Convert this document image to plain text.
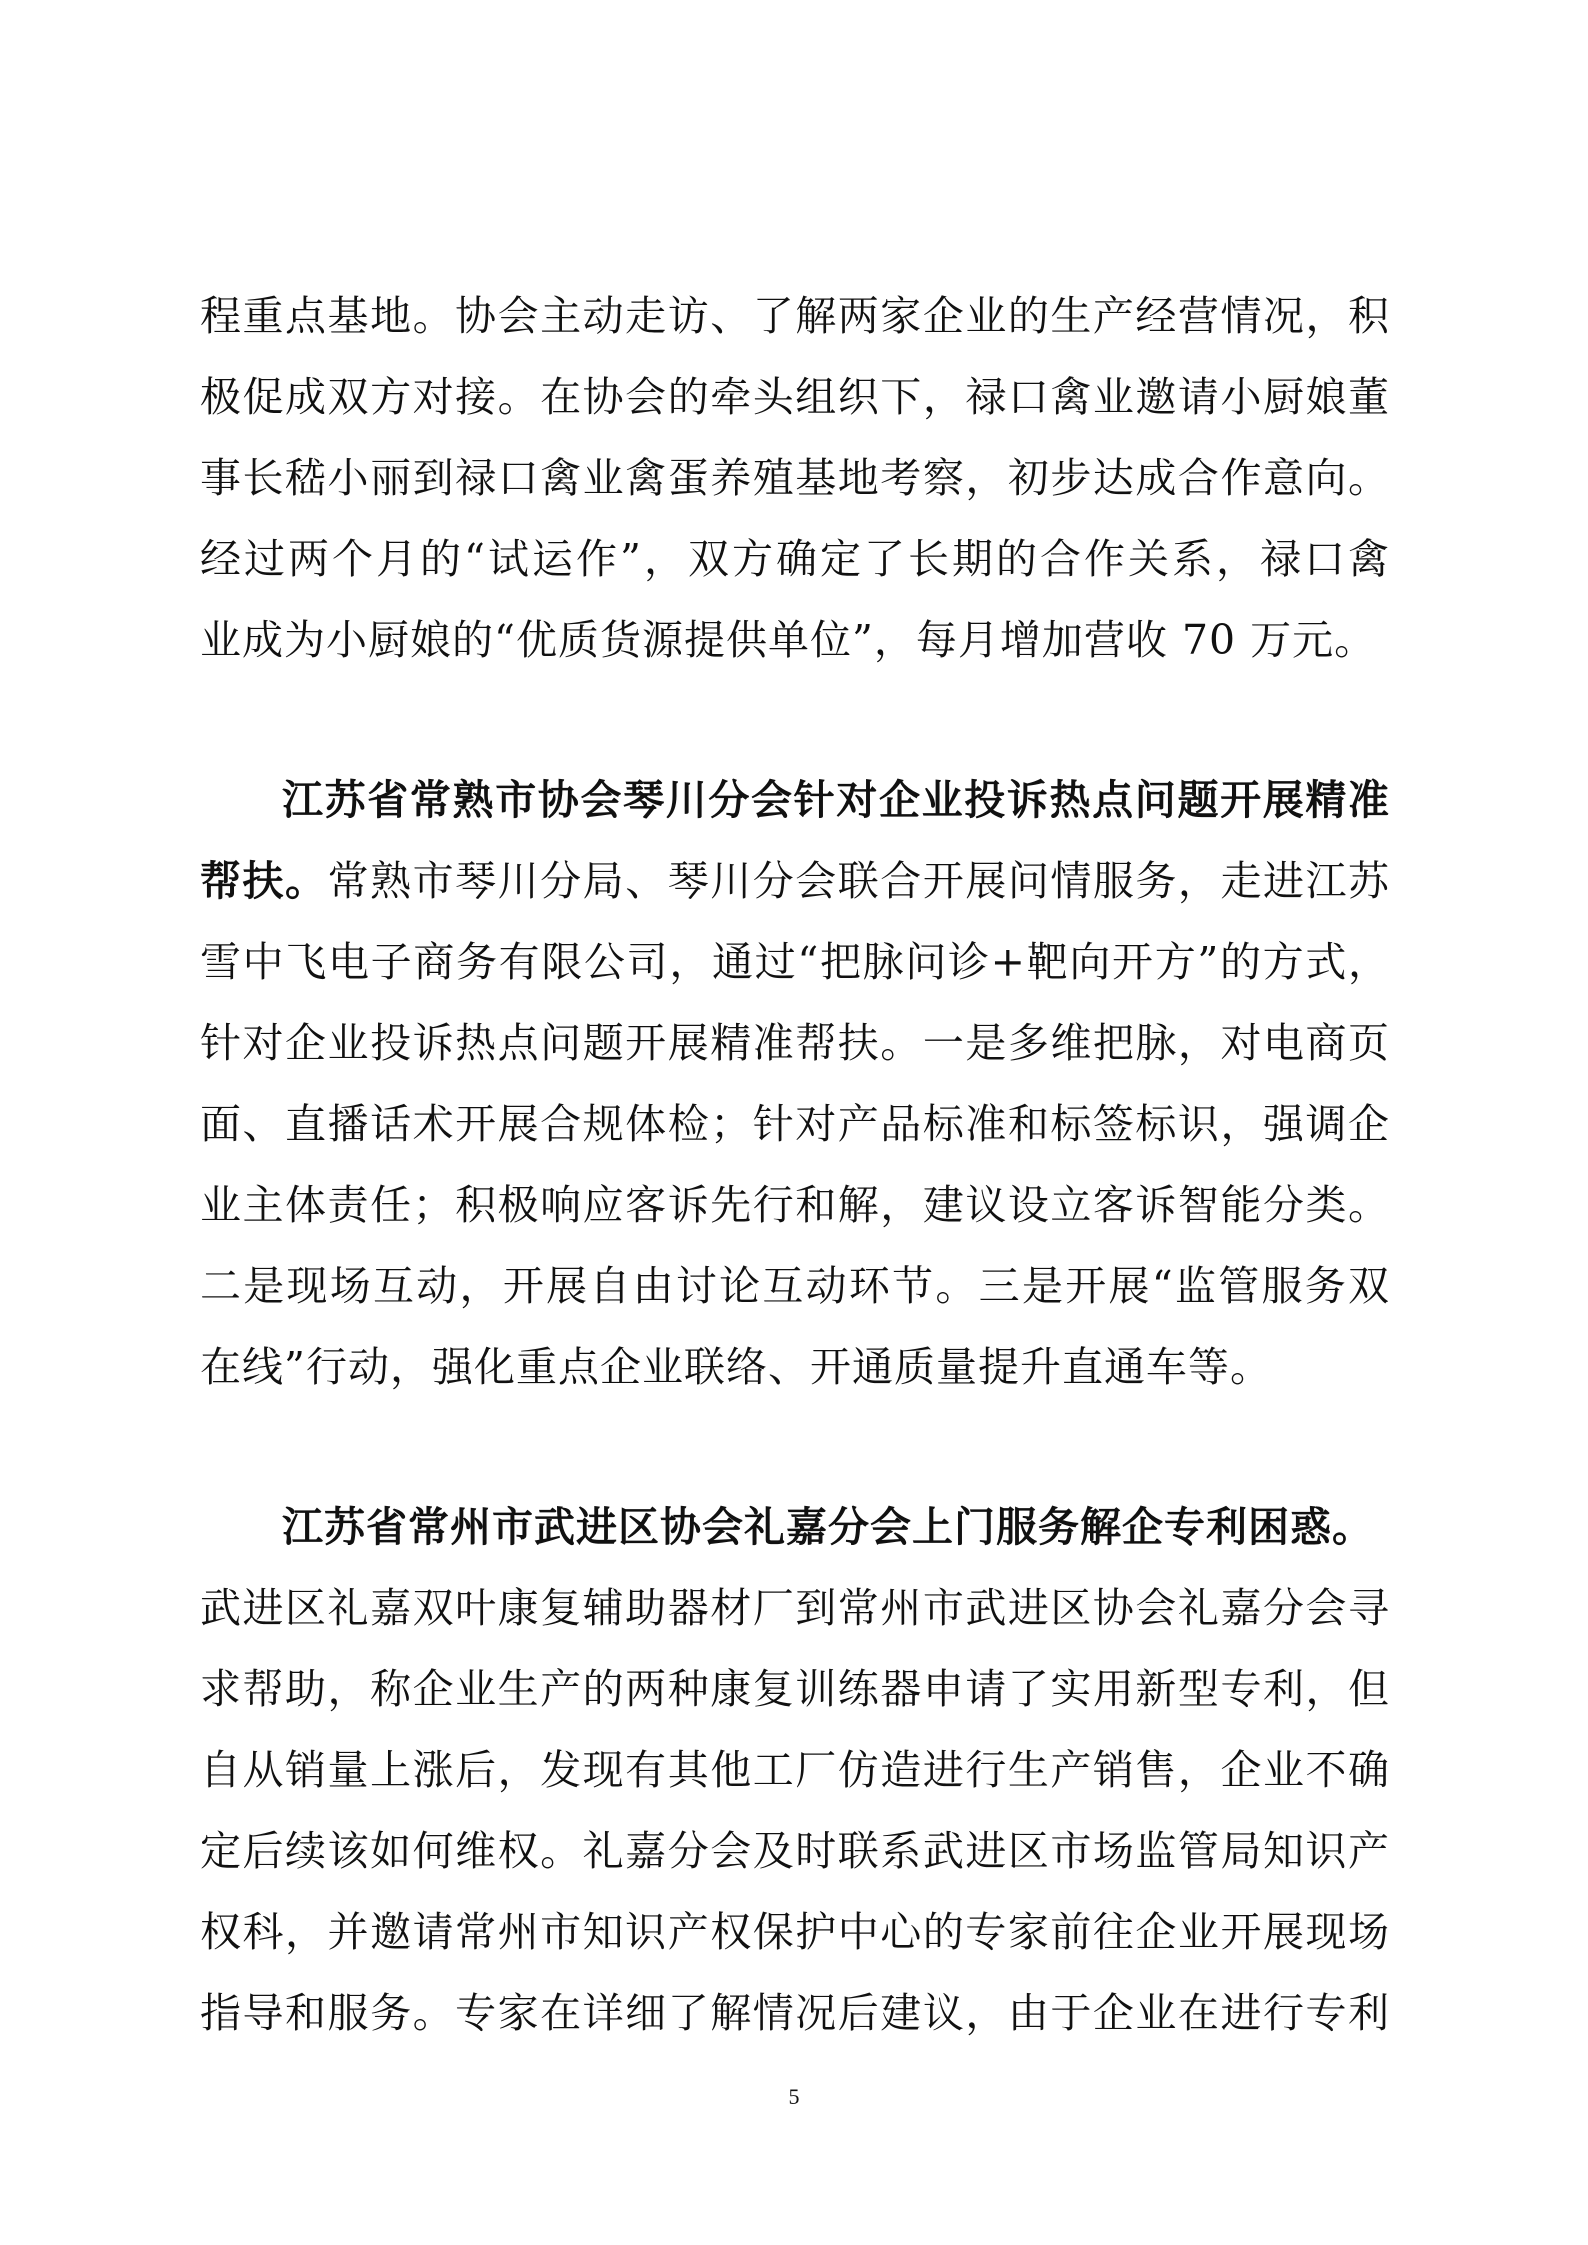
程重点基地。协会主动走访、了解两家企业的生产经营情况，积
极促成双方对接。在协会的牵头组织下，禄口禽业邀请小厨娘董
事长嵇小丽到禄口禽业禽蛋养殖基地考察，初步达成合作意向。
经过两个月的“试运作”，双方确定了长期的合作关系，禄口禽
业成为小厨娘的“优质货源提供单位”，每月增加营收 70 万元。
江苏省常熟市协会琴川分会针对企业投诉热点问题开展精准
帮扶。常熟市琴川分局、琴川分会联合开展问情服务，走进江苏
雪中飞电子商务有限公司，通过“把脉问诊+靶向开方”的方式，
针对企业投诉热点问题开展精准帮扶。一是多维把脉，对电商页
面、直播话术开展合规体检；针对产品标准和标签标识，强调企
业主体责任；积极响应客诉先行和解，建议设立客诉智能分类。
二是现场互动，开展自由讨论互动环节。三是开展“监管服务双
在线”行动，强化重点企业联络、开通质量提升直通车等。
江苏省常州市武进区协会礼嘉分会上门服务解企专利困惑。
武进区礼嘉双叶康复辅助器材厂到常州市武进区协会礼嘉分会寻
求帮助，称企业生产的两种康复训练器申请了实用新型专利，但
自从销量上涨后，发现有其他工厂仿造进行生产销售，企业不确
定后续该如何维权。礼嘉分会及时联系武进区市场监管局知识产
权科，并邀请常州市知识产权保护中心的专家前往企业开展现场
指导和服务。专家在详细了解情况后建议，由于企业在进行专利
5
